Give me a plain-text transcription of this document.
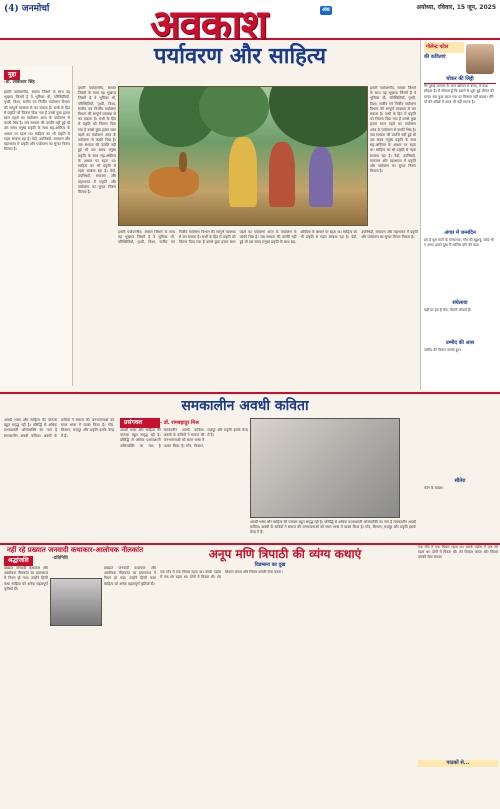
(4) जनमोर्चा	अवकाश	अंक	अयोध्या, रविवार, 15 जून, 2025
पर्यावरण और साहित्य
मुद्दा
-डॉ. लोकेश्वर सिंह
हमारी पर्यावरणीय, समस्त जिसमें के साथ वह भूखण्ड जिसमें है वे भूमिका थी, परिस्थितियाँ, पृथ्वी, विश्व, सजीव एवं निर्जीव पर्यावरण विभाग की सम्पूर्ण व्यवस्था से कर सकता है। सभी के हित में प्रकृति को जितना दिया गया है उससे कुछ हज़ार साल पहले का पर्यावरण आज के पर्यावरण से काफ़ी भिन्न है। जब सभ्यता की उत्पत्ति नहीं हुई थी उस समय मनुष्य प्रकृति के साथ सह-अस्तित्व के आधार पर रहता था। साहित्य का भी प्रकृति से गहरा सम्बन्ध रहा है। वेदों, उपनिषदों, रामायण और महाभारत में प्रकृति और पर्यावरण का सुन्दर चित्रण मिलता है।
हमारी पर्यावरणीय, समस्त जिसमें के साथ वह भूखण्ड जिसमें है वे भूमिका थी, परिस्थितियाँ, पृथ्वी, विश्व, सजीव एवं निर्जीव पर्यावरण विभाग की सम्पूर्ण व्यवस्था से कर सकता है। सभी के हित में प्रकृति को जितना दिया गया है उससे कुछ हज़ार साल पहले का पर्यावरण आज के पर्यावरण से काफ़ी भिन्न है। जब सभ्यता की उत्पत्ति नहीं हुई थी उस समय मनुष्य प्रकृति के साथ सह-अस्तित्व के आधार पर रहता था। साहित्य का भी प्रकृति से गहरा सम्बन्ध रहा है। वेदों, उपनिषदों, रामायण और महाभारत में प्रकृति और पर्यावरण का सुन्दर चित्रण मिलता है।
हमारी पर्यावरणीय, समस्त जिसमें के साथ वह भूखण्ड जिसमें है वे भूमिका थी, परिस्थितियाँ, पृथ्वी, विश्व, सजीव एवं निर्जीव पर्यावरण विभाग की सम्पूर्ण व्यवस्था से कर सकता है। सभी के हित में प्रकृति को जितना दिया गया है उससे कुछ हज़ार साल पहले का पर्यावरण आज के पर्यावरण से काफ़ी भिन्न है। जब सभ्यता की उत्पत्ति नहीं हुई थी उस समय मनुष्य प्रकृति के साथ सह-अस्तित्व के आधार पर रहता था। साहित्य का भी प्रकृति से गहरा सम्बन्ध रहा है। वेदों, उपनिषदों, रामायण और महाभारत में प्रकृति और पर्यावरण का सुन्दर चित्रण मिलता है।
हमारी पर्यावरणीय, समस्त जिसमें के साथ वह भूखण्ड जिसमें है वे भूमिका थी, परिस्थितियाँ, पृथ्वी, विश्व, सजीव एवं निर्जीव पर्यावरण विभाग की सम्पूर्ण व्यवस्था से कर सकता है। सभी के हित में प्रकृति को जितना दिया गया है उससे कुछ हज़ार साल पहले का पर्यावरण आज के पर्यावरण से काफ़ी भिन्न है। जब सभ्यता की उत्पत्ति नहीं हुई थी उस समय मनुष्य प्रकृति के साथ सह-अस्तित्व के आधार पर रहता था। साहित्य का भी प्रकृति से गहरा सम्बन्ध रहा है। वेदों, उपनिषदों, रामायण और महाभारत में प्रकृति और पर्यावरण का सुन्दर चित्रण मिलता है।
गोलेन्द्र पटेल
की कविताएं
चोकर की लिट्टी
मेरे पुरखे जानवर के कान खोसते थे बल्दा, ये कथा छोड़ता है। मैं सोचता हूँ कि खटने से शुरू हुई जीवन की यात्रा। सब कुछ बदल गया पर किसान नहीं बदला। मेरी माँ की आँखों में आज भी वही सपना है।
अंगार में जन्मदिन
हम हैं धूल माटी के पगचलवा, गाँव की खुशबू, कोई भी न आए। हमारे दुख में शामिल होने की बात।
संघेलाया
यहीं पर हम हैं मेरा, कितने कोयले हैं।
उम्मीद की आस
उम्मीद की किरण जगाये हुए।
सौतेरा
फोन के बादल।
समकालीन अवधी कविता
प्रसंगवश	- डॉ. रामबहादुर मिश्र
अवधी भाषा और साहित्य की परम्परा बहुत समृद्ध रही है। प्रसिद्धि से अधिक प्रभावशाली अभिव्यक्ति का नाम है समकालीन अवधी कविता। अवधी के कवियों ने समाज की जनभावनाओं को सरल भाषा में व्यक्त किया है। गाँव, किसान, मज़दूर और प्रकृति इसके केन्द्र में हैं।
अवधी भाषा और साहित्य की परम्परा बहुत समृद्ध रही है। प्रसिद्धि से अधिक प्रभावशाली अभिव्यक्ति का नाम है समकालीन अवधी कविता। अवधी के कवियों ने समाज की जनभावनाओं को सरल भाषा में व्यक्त किया है। गाँव, किसान, मज़दूर और प्रकृति इसके केन्द्र में हैं।
अवधी भाषा और साहित्य की परम्परा बहुत समृद्ध रही है। प्रसिद्धि से अधिक प्रभावशाली अभिव्यक्ति का नाम है समकालीन अवधी कविता। अवधी के कवियों ने समाज की जनभावनाओं को सरल भाषा में व्यक्त किया है। गाँव, किसान, मज़दूर और प्रकृति इसके केन्द्र में हैं।
नहीं रहे प्रख्यात जनवादी कथाकार-आलोचक नीलकांत
श्रद्धांजलि	-प्रतिनिधि
प्रख्यात जनवादी कथाकार और आलोचक नीलकांत का प्रयागराज में निधन हो गया। उन्होंने हिन्दी कथा साहित्य को अनेक महत्वपूर्ण कृतियाँ दीं।
प्रख्यात जनवादी कथाकार और आलोचक नीलकांत का प्रयागराज में निधन हो गया। उन्होंने हिन्दी कथा साहित्य को अनेक महत्वपूर्ण कृतियाँ दीं।
अनूप मणि त्रिपाठी की व्यंग्य कथाएं
विडम्बना का दुख
एक गाँव में एक सियार रहता था। उसके पड़ोस में एक शेर रहता था। दोनों में मित्रता थी। शेर शिकार करता और सियार उसकी सेवा करता।
एक गाँव में एक सियार रहता था। उसके पड़ोस में एक शेर रहता था। दोनों में मित्रता थी। शेर शिकार करता और सियार उसकी सेवा करता।
पाठकों से...
